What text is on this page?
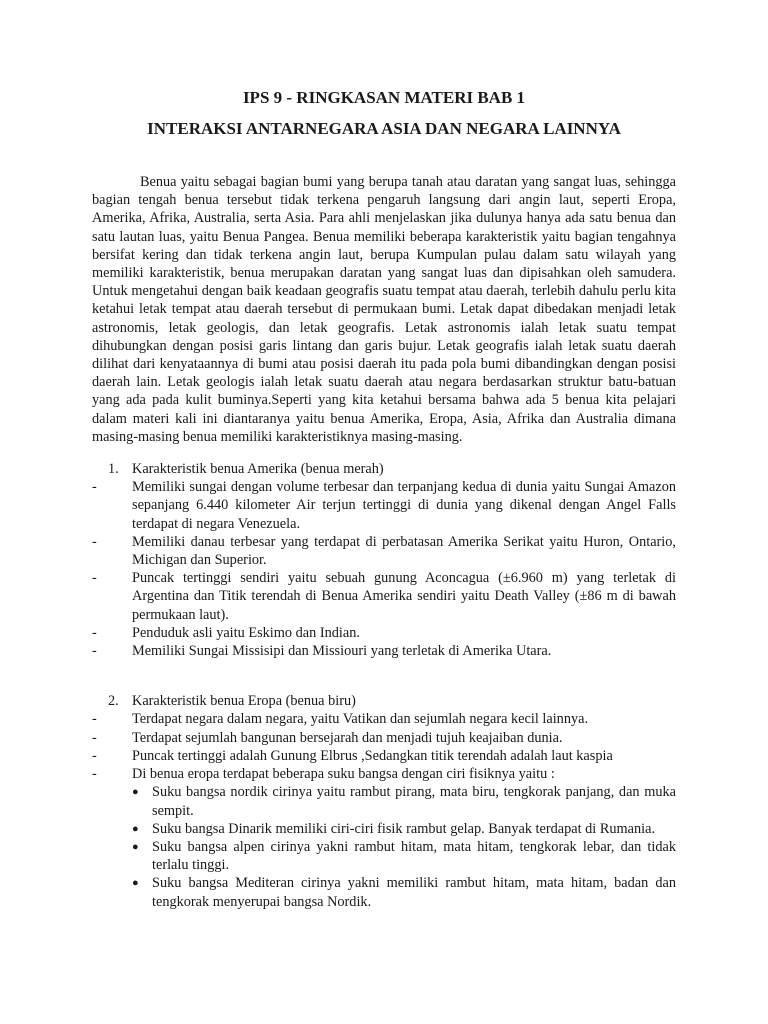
IPS 9 - RINGKASAN MATERI BAB 1
INTERAKSI ANTARNEGARA ASIA DAN NEGARA LAINNYA

Benua yaitu sebagai bagian bumi yang berupa tanah atau daratan yang sangat luas, sehingga bagian tengah benua tersebut tidak terkena pengaruh langsung dari angin laut, seperti Eropa, Amerika, Afrika, Australia, serta Asia. Para ahli menjelaskan jika dulunya hanya ada satu benua dan satu lautan luas, yaitu Benua Pangea. Benua memiliki beberapa karakteristik yaitu bagian tengahnya bersifat kering dan tidak terkena angin laut, berupa Kumpulan pulau dalam satu wilayah yang memiliki karakteristik, benua merupakan daratan yang sangat luas dan dipisahkan oleh samudera. Untuk mengetahui dengan baik keadaan geografis suatu tempat atau daerah, terlebih dahulu perlu kita ketahui letak tempat atau daerah tersebut di permukaan bumi. Letak dapat dibedakan menjadi letak astronomis, letak geologis, dan letak geografis. Letak astronomis ialah letak suatu tempat dihubungkan dengan posisi garis lintang dan garis bujur. Letak geografis ialah letak suatu daerah dilihat dari kenyataannya di bumi atau posisi daerah itu pada pola bumi dibandingkan dengan posisi daerah lain. Letak geologis ialah letak suatu daerah atau negara berdasarkan struktur batu-batuan yang ada pada kulit buminya.Seperti yang kita ketahui bersama bahwa ada 5 benua kita pelajari dalam materi kali ini diantaranya yaitu benua Amerika, Eropa, Asia, Afrika dan Australia dimana masing-masing benua memiliki karakteristiknya masing-masing.

1. Karakteristik benua Amerika (benua merah)
-	Memiliki sungai dengan volume terbesar dan terpanjang kedua di dunia yaitu Sungai Amazon sepanjang 6.440 kilometer Air terjun tertinggi di dunia yang dikenal dengan Angel Falls terdapat di negara Venezuela.
-	Memiliki danau terbesar yang terdapat di perbatasan Amerika Serikat yaitu Huron, Ontario, Michigan dan Superior.
-	Puncak tertinggi sendiri yaitu sebuah gunung Aconcagua (±6.960 m) yang terletak di Argentina dan Titik terendah di Benua Amerika sendiri yaitu Death Valley (±86 m di bawah permukaan laut).
-	Penduduk asli yaitu Eskimo dan Indian.
-	Memiliki Sungai Missisipi dan Missiouri yang terletak di Amerika Utara.
2. Karakteristik benua Eropa (benua biru)
-	Terdapat negara dalam negara, yaitu Vatikan dan sejumlah negara kecil lainnya.
-	Terdapat sejumlah bangunan bersejarah dan menjadi tujuh keajaiban dunia.
-	Puncak tertinggi adalah Gunung Elbrus ,Sedangkan titik terendah adalah laut kaspia
-	Di benua eropa terdapat beberapa suku bangsa dengan ciri fisiknya yaitu :
● Suku bangsa nordik cirinya yaitu rambut pirang, mata biru, tengkorak panjang, dan muka sempit.
● Suku bangsa Dinarik memiliki ciri-ciri fisik rambut gelap. Banyak terdapat di Rumania.
● Suku bangsa alpen cirinya yakni rambut hitam, mata hitam, tengkorak lebar, dan tidak terlalu tinggi.
● Suku bangsa Mediteran cirinya yakni memiliki rambut hitam, mata hitam, badan dan tengkorak menyerupai bangsa Nordik.
